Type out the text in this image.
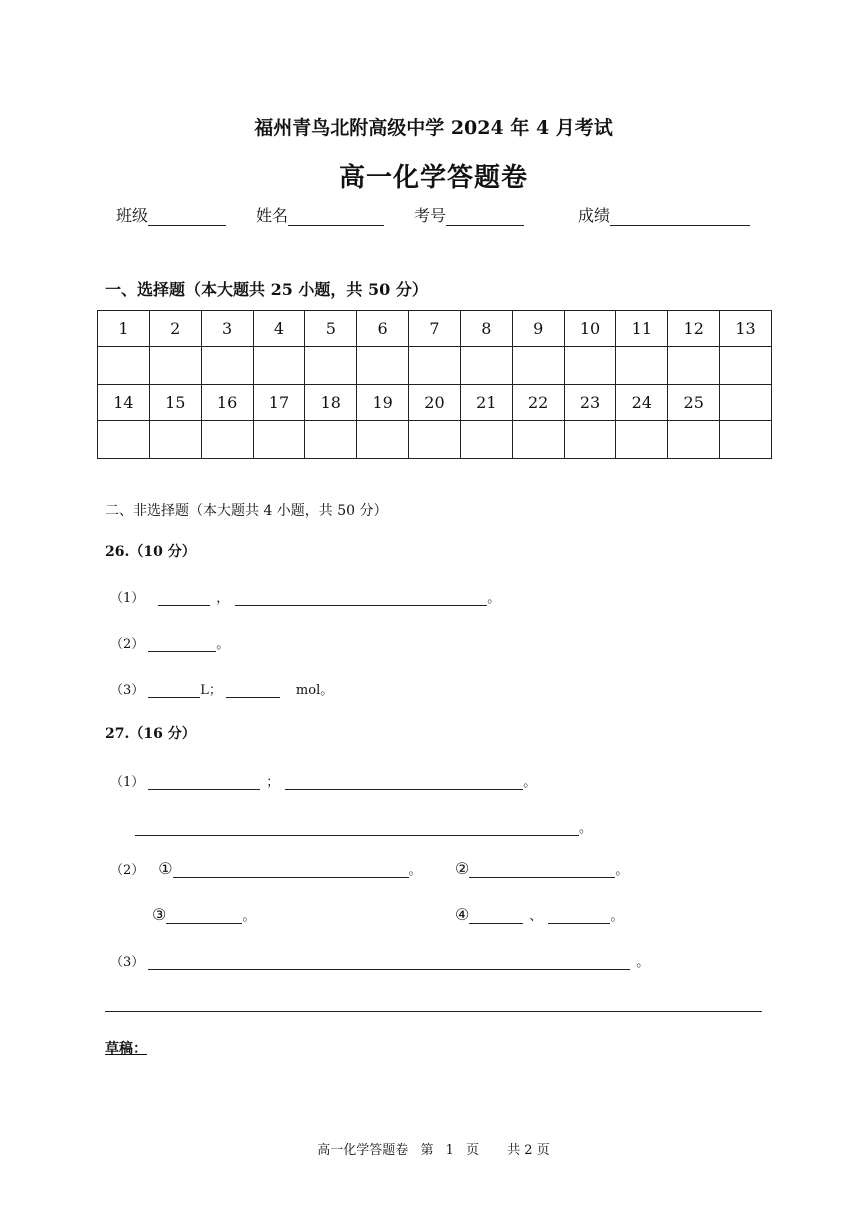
福州青鸟北附高级中学 2024 年 4 月考试
高一化学答题卷
班级	姓名	考号	成绩
一、选择题（本大题共 25 小题，共 50 分）
1	2	3	4	5	6	7	8	9	10	11	12	13

14	15	16	17	18	19	20	21	22	23	24	25	

二、非选择题（本大题共 4 小题，共 50 分）
26.（10 分）
（1）	，	。
（2）	。
（3）	L；	mol。
27.（16 分）
（1）	；	。
。
（2） ①	。 ②	。
③	。	④	、	。
（3）	。
草稿：
高一化学答题卷 第 1 页 共 2 页
